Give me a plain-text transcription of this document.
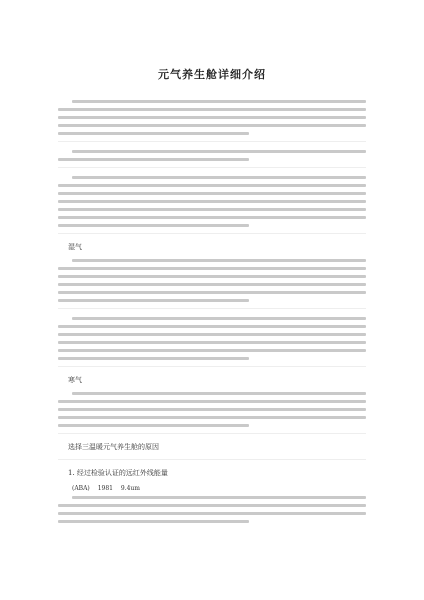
元气养生舱详细介绍
湿气
寒气
选择三温暖元气养生舱的原因
1. 经过检验认证的远红外线能量
(ABA) 1981 9.4um
